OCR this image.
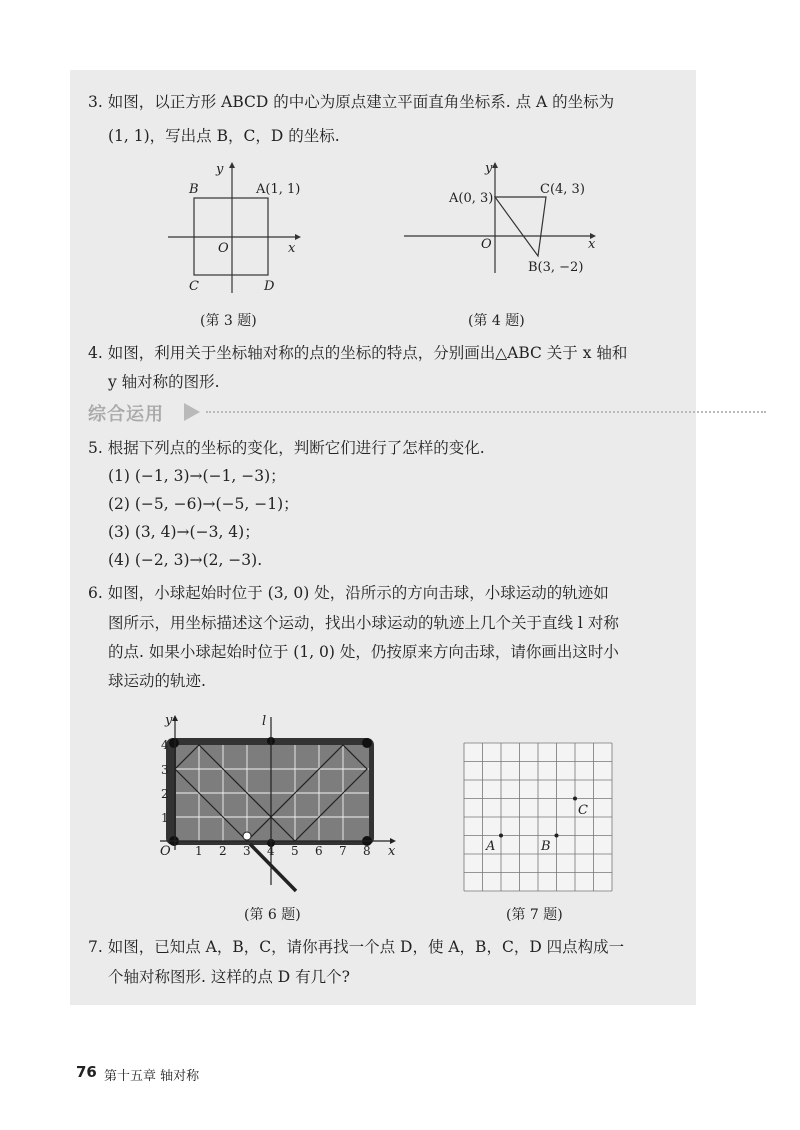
3. 如图，以正方形 ABCD 的中心为原点建立平面直角坐标系. 点 A 的坐标为
(1, 1)，写出点 B，C，D 的坐标.
y
x
O
A(1, 1)
B
C	D
(第 3 题)
y
x
O
A(0, 3)
C(4, 3)
B(3, −2)
(第 4 题)
4. 如图，利用关于坐标轴对称的点的坐标的特点，分别画出△ABC 关于 x 轴和
y 轴对称的图形.
综合运用
5. 根据下列点的坐标的变化，判断它们进行了怎样的变化.
(1) (−1, 3)→(−1, −3)；
(2) (−5, −6)→(−5, −1)；
(3) (3, 4)→(−3, 4)；
(4) (−2, 3)→(2, −3).
6. 如图，小球起始时位于 (3, 0) 处，沿所示的方向击球，小球运动的轨迹如
图所示，用坐标描述这个运动，找出小球运动的轨迹上几个关于直线 l 对称
的点. 如果小球起始时位于 (1, 0) 处，仍按原来方向击球，请你画出这时小
球运动的轨迹.
y	l
x
O
1
2
3
4
1 2 3 4 5 6 7 8
(第 6 题)
A	B
C
(第 7 题)
7. 如图，已知点 A，B，C，请你再找一个点 D，使 A，B，C，D 四点构成一
个轴对称图形. 这样的点 D 有几个?
76 第十五章 轴对称
